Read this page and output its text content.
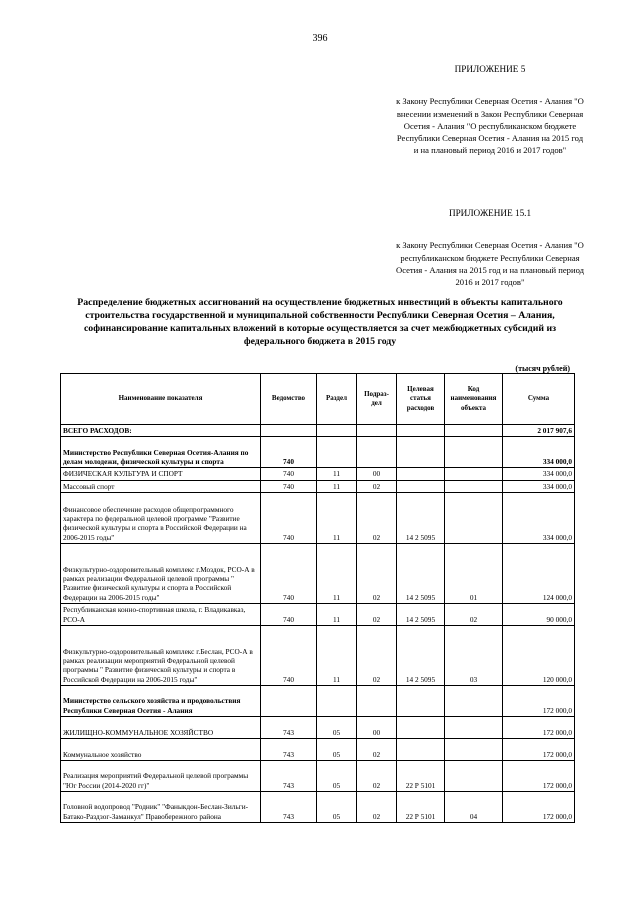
396
ПРИЛОЖЕНИЕ 5
к Закону Республики Северная Осетия - Алания "О внесении изменений в Закон Республики Северная Осетия - Алания "О республиканском бюджете Республики Северная Осетия - Алания на 2015 год и на плановый период 2016 и 2017 годов"
ПРИЛОЖЕНИЕ 15.1
к Закону Республики Северная Осетия - Алания "О республиканском бюджете Республики Северная Осетия - Алания на 2015 год и на плановый период 2016 и 2017 годов"
Распределение бюджетных ассигнований на осуществление бюджетных инвестиций в объекты капитального строительства государственной и муниципальной собственности Республики Северная Осетия – Алания, софинансирование капитальных вложений в которые осуществляется за счет межбюджетных субсидий из федерального бюджета в 2015 году
(тысяч рублей)
Наименование показателя	Ведомство	Раздел	Подраз-дел	Целевая статья расходов	Код наименования объекта	Сумма
ВСЕГО РАСХОДОВ:						2 017 907,6
Министерство Республики Северная Осетия-Алания по делам молодежи, физической культуры и спорта	740					334 000,0
ФИЗИЧЕСКАЯ КУЛЬТУРА И СПОРТ	740	11	00			334 000,0
Массовый спорт	740	11	02			334 000,0
Финансовое обеспечение расходов общепрограммного характера по федеральной целевой программе "Развитие физической культуры и спорта в Российской Федерации на 2006-2015 годы"	740	11	02	14 2 5095		334 000,0
Физкультурно-оздоровительный комплекс г.Моздок, РСО-А в рамках реализации Федеральной целевой программы " Развитие физической культуры и спорта в Российской Федерации на 2006-2015 годы"	740	11	02	14 2 5095	01	124 000,0
Республиканская конно-спортивная школа, г. Владикавказ, РСО-А	740	11	02	14 2 5095	02	90 000,0
Физкультурно-оздоровительный комплекс г.Беслан, РСО-А в рамках реализации мероприятий Федеральной целевой программы " Развитие физической культуры и спорта в Российской Федерации на 2006-2015 годы"	740	11	02	14 2 5095	03	120 000,0
Министерство сельского хозяйства и продовольствия Республики Северная Осетия - Алания						172 000,0
ЖИЛИЩНО-КОММУНАЛЬНОЕ ХОЗЯЙСТВО	743	05	00			172 000,0
Коммунальное хозяйство	743	05	02			172 000,0
Реализация мероприятий Федеральной целевой программы "Юг России (2014-2020 гг)"	743	05	02	22 Р 5101		172 000,0
Головной водопровод "Родник" "Фаныкдон-Беслан-Зильги-Батако-Раздзог-Заманкул" Правобережного района	743	05	02	22 Р 5101	04	172 000,0
